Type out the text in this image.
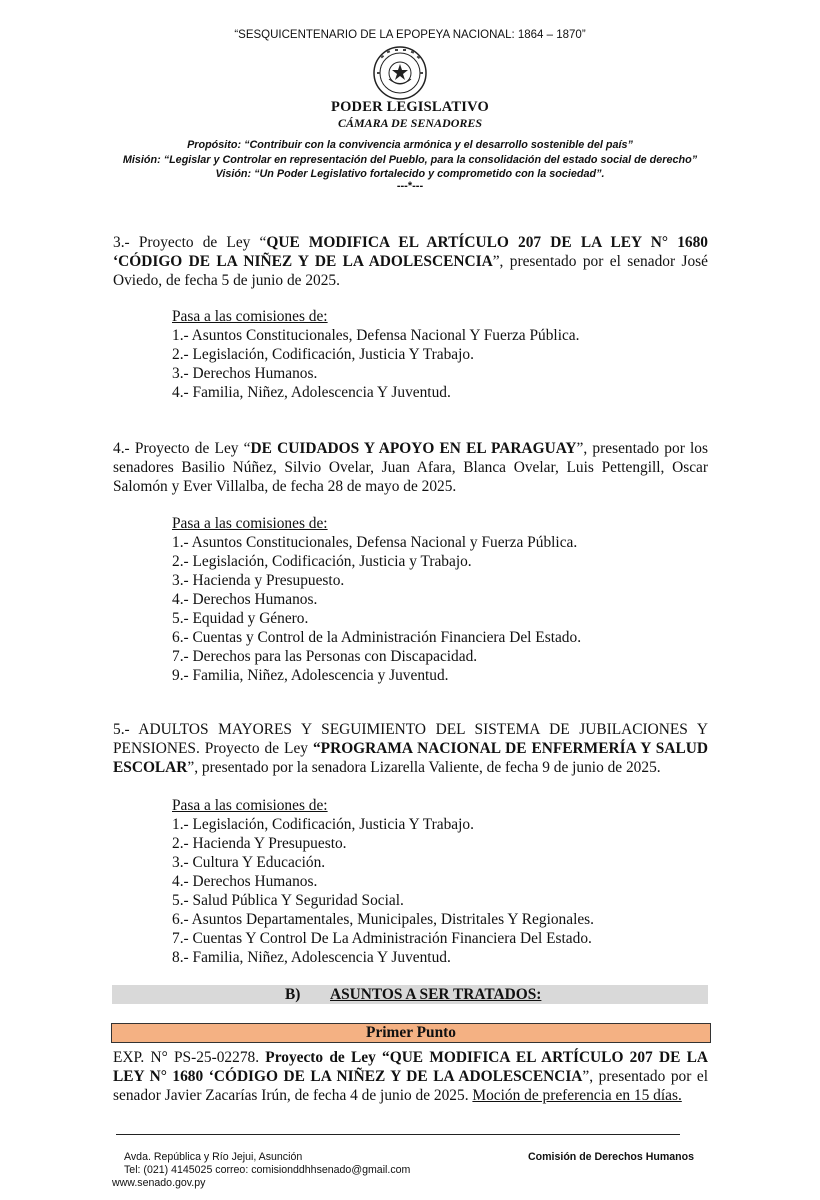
“SESQUICENTENARIO DE LA EPOPEYA NACIONAL: 1864 – 1870”
PODER LEGISLATIVO
CÁMARA DE SENADORES
Propósito: “Contribuir con la convivencia armónica y el desarrollo sostenible del país”
Misión: “Legislar y Controlar en representación del Pueblo, para la consolidación del estado social de derecho”
Visión: “Un Poder Legislativo fortalecido y comprometido con la sociedad”.
---*---
3.- Proyecto de Ley “QUE MODIFICA EL ARTÍCULO 207 DE LA LEY N° 1680 ‘CÓDIGO DE LA NIÑEZ Y DE LA ADOLESCENCIA”, presentado por el senador José Oviedo, de fecha 5 de junio de 2025.
Pasa a las comisiones de:
1.- Asuntos Constitucionales, Defensa Nacional Y Fuerza Pública.
2.- Legislación, Codificación, Justicia Y Trabajo.
3.- Derechos Humanos.
4.- Familia, Niñez, Adolescencia Y Juventud.
4.- Proyecto de Ley “DE CUIDADOS Y APOYO EN EL PARAGUAY”, presentado por los senadores Basilio Núñez, Silvio Ovelar, Juan Afara, Blanca Ovelar, Luis Pettengill, Oscar Salomón y Ever Villalba, de fecha 28 de mayo de 2025.
Pasa a las comisiones de:
1.- Asuntos Constitucionales, Defensa Nacional y Fuerza Pública.
2.- Legislación, Codificación, Justicia y Trabajo.
3.- Hacienda y Presupuesto.
4.- Derechos Humanos.
5.- Equidad y Género.
6.- Cuentas y Control de la Administración Financiera Del Estado.
7.- Derechos para las Personas con Discapacidad.
9.- Familia, Niñez, Adolescencia y Juventud.
5.- ADULTOS MAYORES Y SEGUIMIENTO DEL SISTEMA DE JUBILACIONES Y PENSIONES. Proyecto de Ley “PROGRAMA NACIONAL DE ENFERMERÍA Y SALUD ESCOLAR”, presentado por la senadora Lizarella Valiente, de fecha 9 de junio de 2025.
Pasa a las comisiones de:
1.- Legislación, Codificación, Justicia Y Trabajo.
2.- Hacienda Y Presupuesto.
3.- Cultura Y Educación.
4.- Derechos Humanos.
5.- Salud Pública Y Seguridad Social.
6.- Asuntos Departamentales, Municipales, Distritales Y Regionales.
7.- Cuentas Y Control De La Administración Financiera Del Estado.
8.- Familia, Niñez, Adolescencia Y Juventud.
B) ASUNTOS A SER TRATADOS:
Primer Punto
EXP. N° PS-25-02278. Proyecto de Ley “QUE MODIFICA EL ARTÍCULO 207 DE LA LEY N° 1680 ‘CÓDIGO DE LA NIÑEZ Y DE LA ADOLESCENCIA”, presentado por el senador Javier Zacarías Irún, de fecha 4 de junio de 2025. Moción de preferencia en 15 días.
Avda. República y Río Jejui, Asunción
Tel: (021) 4145025 correo: comisionddhhsenado@gmail.com
www.senado.gov.py
Comisión de Derechos Humanos
